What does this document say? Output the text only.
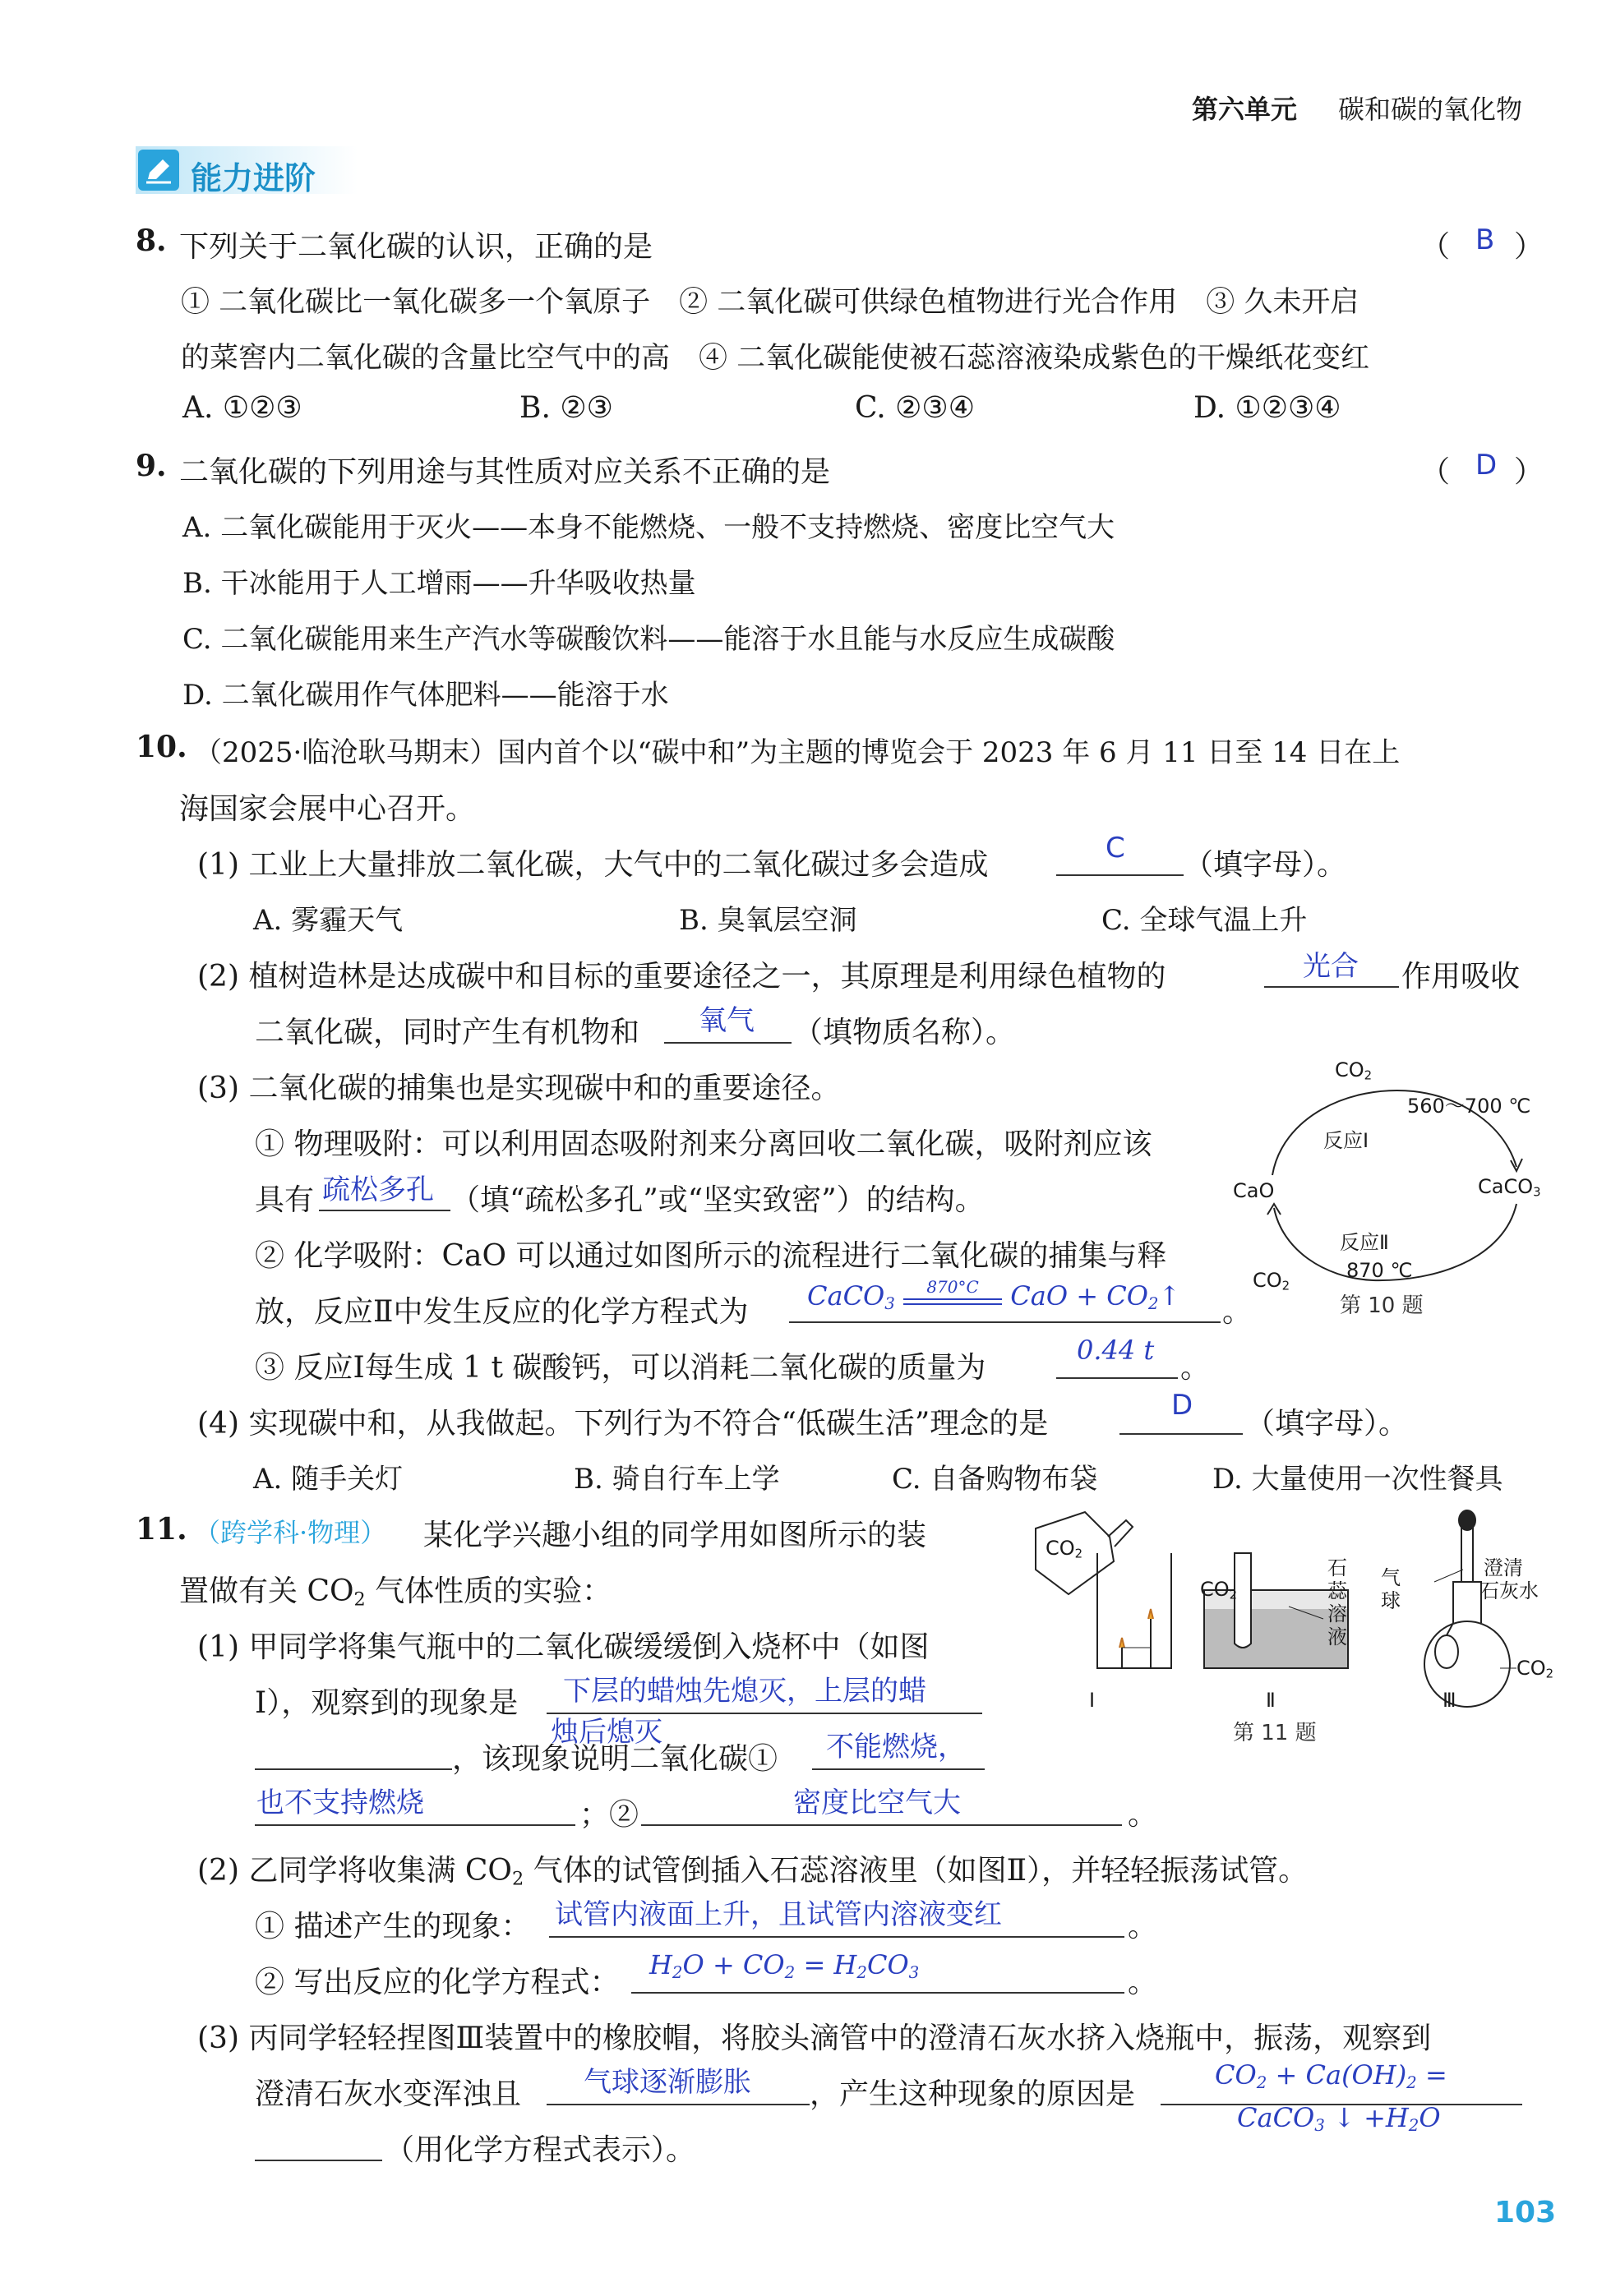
第六单元 碳和碳的氧化物
能力进阶
8. 下列关于二氧化碳的认识，正确的是	（ B ）
① 二氧化碳比一氧化碳多一个氧原子　② 二氧化碳可供绿色植物进行光合作用　③ 久未开启
的菜窖内二氧化碳的含量比空气中的高　④ 二氧化碳能使被石蕊溶液染成紫色的干燥纸花变红
A. ①②③	B. ②③	C. ②③④	D. ①②③④
9. 二氧化碳的下列用途与其性质对应关系不正确的是	（ D ）
A. 二氧化碳能用于灭火——本身不能燃烧、一般不支持燃烧、密度比空气大
B. 干冰能用于人工增雨——升华吸收热量
C. 二氧化碳能用来生产汽水等碳酸饮料——能溶于水且能与水反应生成碳酸
D. 二氧化碳用作气体肥料——能溶于水
10. （2025·临沧耿马期末）国内首个以“碳中和”为主题的博览会于 2023 年 6 月 11 日至 14 日在上
海国家会展中心召开。
(1) 工业上大量排放二氧化碳，大气中的二氧化碳过多会造成	C （填字母）。
A. 雾霾天气	B. 臭氧层空洞	C. 全球气温上升
(2) 植树造林是达成碳中和目标的重要途径之一，其原理是利用绿色植物的	光合 作用吸收
二氧化碳，同时产生有机物和 氧气 （填物质名称）。
(3) 二氧化碳的捕集也是实现碳中和的重要途径。
① 物理吸附：可以利用固态吸附剂来分离回收二氧化碳，吸附剂应该
具有 疏松多孔 （填“疏松多孔”或“坚实致密”）的结构。
② 化学吸附：CaO 可以通过如图所示的流程进行二氧化碳的捕集与释
放，反应Ⅱ中发生反应的化学方程式为 CaCO$_3$
870°C	CaO + $CO_2↑$ 。
③ 反应Ⅰ每生成 1 t 碳酸钙，可以消耗二氧化碳的质量为
0.44 t
。
$CO_2$
560～700 ℃
反应Ⅰ
CaO	CaCO$_3$
反应Ⅱ
$CO_2$
870 ℃
第 10 题
(4) 实现碳中和，从我做起。下列行为不符合“低碳生活”理念的是
D
（填字母）。
A. 随手关灯	B. 骑自行车上学	C. 自备购物布袋	D. 大量使用一次性餐具
11. （跨学科·物理） 某化学兴趣小组的同学用如图所示的装
置做有关 $CO_2$ 气体性质的实验：
(1) 甲同学将集气瓶中的二氧化碳缓缓倒入烧杯中（如图
Ⅰ），观察到的现象是 下层的蜡烛先熄灭，上层的蜡
烛后熄灭
，该现象说明二氧化碳① 不能燃烧，
也不支持燃烧	；②	密度比空气大	。
$CO_2$
$CO_2$
石
蕊
溶
液
气
球
澄清
石灰水
$CO_2$
Ⅰ	Ⅱ	Ⅲ
第 11 题
(2) 乙同学将收集满 $CO_2$ 气体的试管倒插入石蕊溶液里（如图Ⅱ），并轻轻振荡试管。
① 描述产生的现象： 试管内液面上升，且试管内溶液变红	。
② 写出反应的化学方程式：
$H_2O + CO_2 = H_2CO_3$	。
(3) 丙同学轻轻捏图Ⅲ装置中的橡胶帽，将胶头滴管中的澄清石灰水挤入烧瓶中，振荡，观察到
澄清石灰水变浑浊且 气球逐渐膨胀 ，产生这种现象的原因是
$CO_2 + Ca(OH)_2$ =
CaCO$_3$ ↓ $+H_2O$
（用化学方程式表示）。
103
